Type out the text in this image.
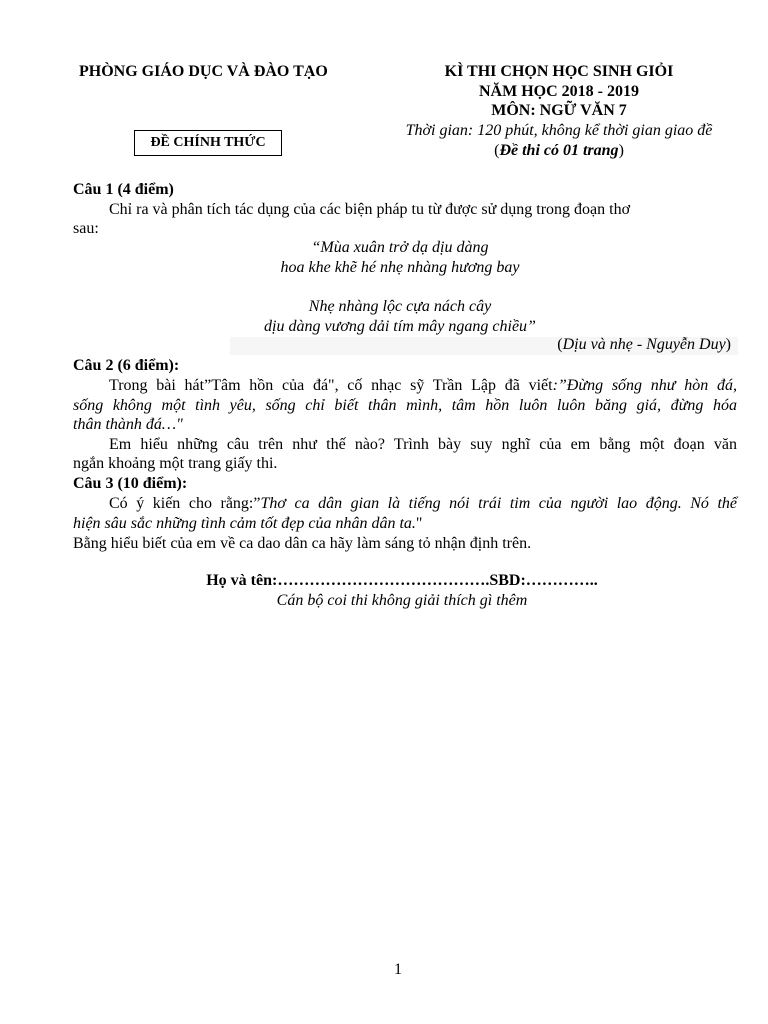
PHÒNG GIÁO DỤC VÀ ĐÀO TẠO	KÌ THI CHỌN HỌC SINH GIỎI
NĂM HỌC 2018 - 2019
MÔN: NGỮ VĂN 7
Thời gian: 120 phút, không kể thời gian giao đề
(Đề thi có 01 trang)
ĐỀ CHÍNH THỨC
Câu 1 (4 điểm)
Chỉ ra và phân tích tác dụng của các biện pháp tu từ được sử dụng trong đoạn thơ
sau:
“Mùa xuân trở dạ dịu dàng
hoa khe khẽ hé nhẹ nhàng hương bay
Nhẹ nhàng lộc cựa nách cây
dịu dàng vương dải tím mây ngang chiều”
(Dịu và nhẹ - Nguyễn Duy)
Câu 2 (6 điểm):
Trong bài hát”Tâm hồn của đá", cố nhạc sỹ Trần Lập đã viết:”Đừng sống như hòn đá,
sống không một tình yêu, sống chỉ biết thân mình, tâm hồn luôn luôn băng giá, đừng hóa
thân thành đá…"
Em hiểu những câu trên như thế nào? Trình bày suy nghĩ của em bằng một đoạn văn
ngắn khoảng một trang giấy thi.
Câu 3 (10 điểm):
Có ý kiến cho rằng:”Thơ ca dân gian là tiếng nói trái tim của người lao động. Nó thể
hiện sâu sắc những tình cảm tốt đẹp của nhân dân ta."
Bằng hiểu biết của em về ca dao dân ca hãy làm sáng tỏ nhận định trên.
Họ và tên:………………………………….SBD:…………..
Cán bộ coi thi không giải thích gì thêm
1
